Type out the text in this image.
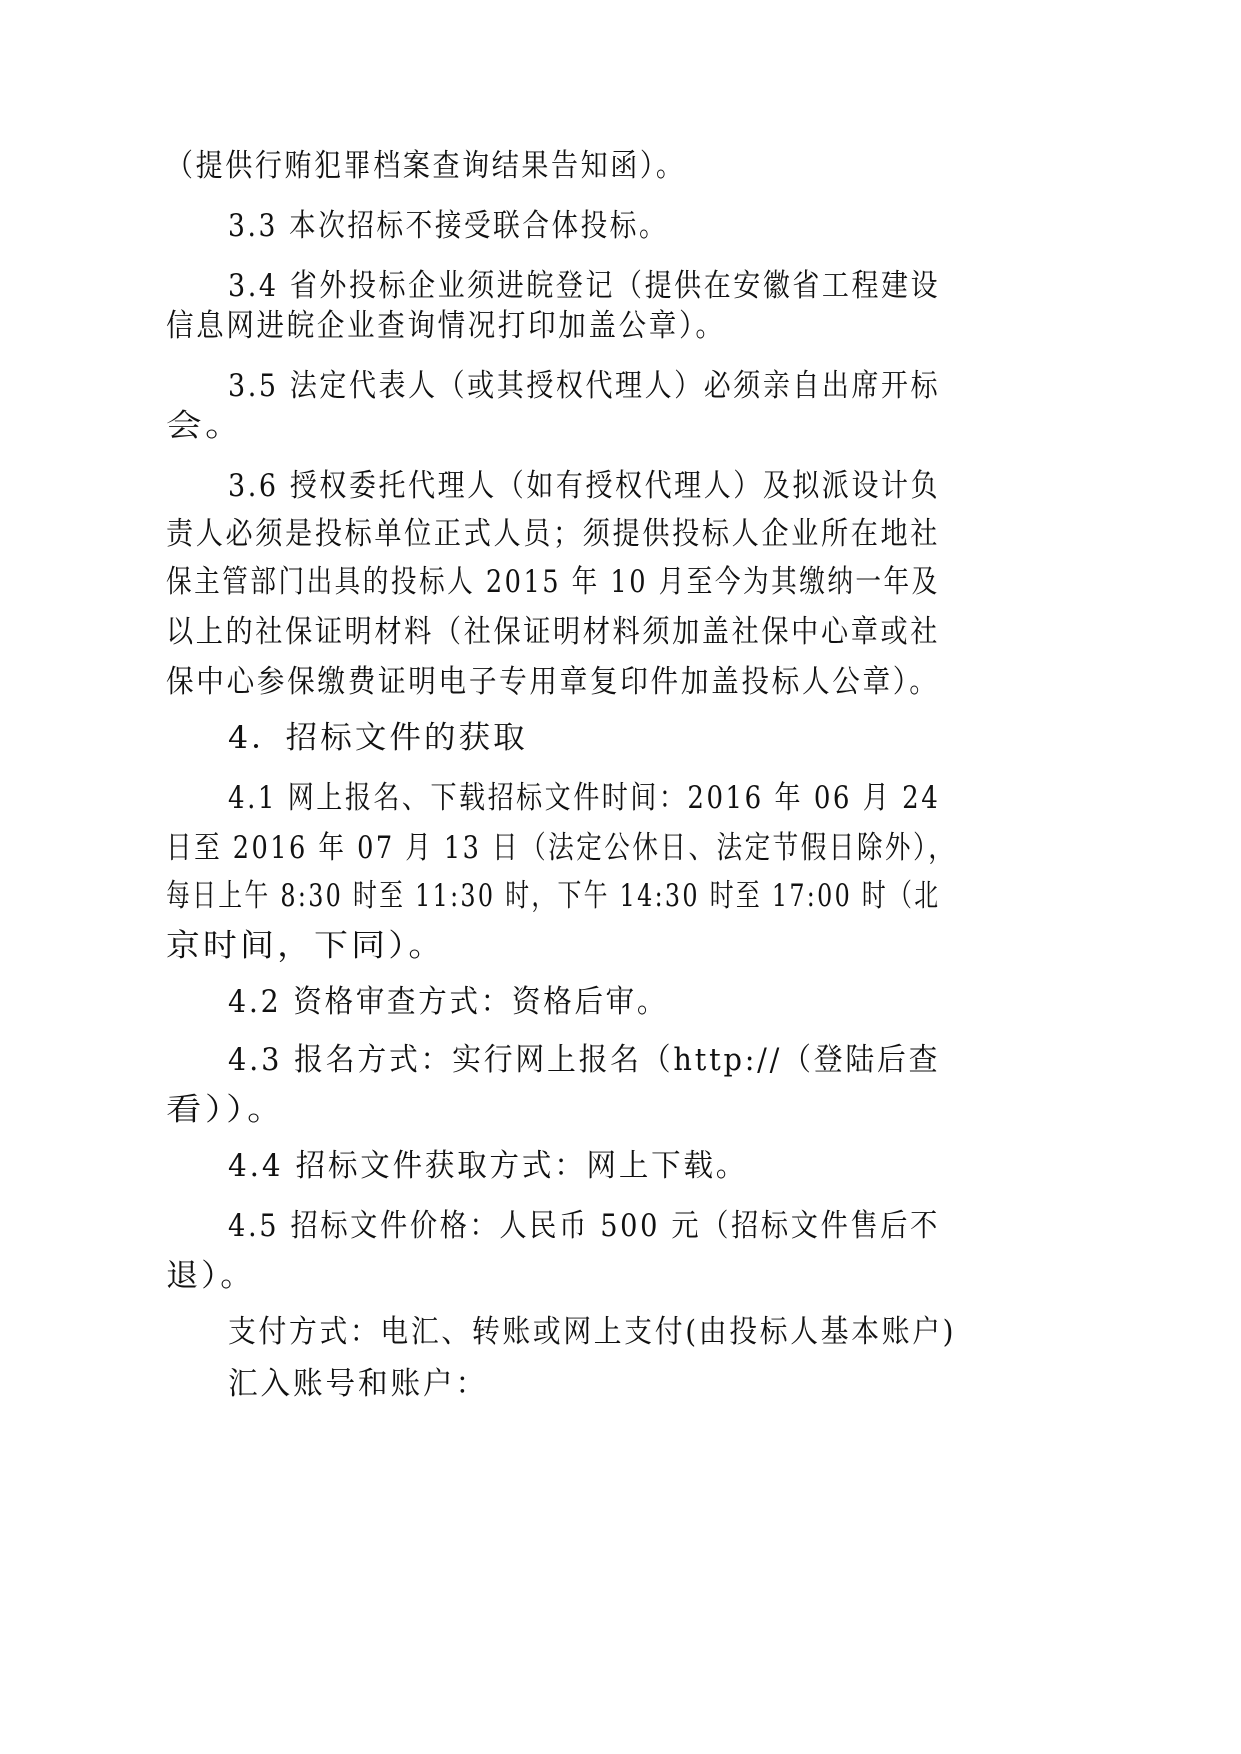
（提供行贿犯罪档案查询结果告知函）。
3.3 本次招标不接受联合体投标。
3.4 省外投标企业须进皖登记（提供在安徽省工程建设
信息网进皖企业查询情况打印加盖公章）。
3.5 法定代表人（或其授权代理人）必须亲自出席开标
会。
3.6 授权委托代理人（如有授权代理人）及拟派设计负
责人必须是投标单位正式人员；须提供投标人企业所在地社
保主管部门出具的投标人 2015 年 10 月至今为其缴纳一年及
以上的社保证明材料（社保证明材料须加盖社保中心章或社
保中心参保缴费证明电子专用章复印件加盖投标人公章）。
4．招标文件的获取
4.1 网上报名、下载招标文件时间：2016 年 06 月 24
日至 2016 年 07 月 13 日（法定公休日、法定节假日除外），
每日上午 8:30 时至 11:30 时，下午 14:30 时至 17:00 时（北
京时间，下同）。
4.2 资格审查方式：资格后审。
4.3 报名方式：实行网上报名（http://（登陆后查
看））。
4.4 招标文件获取方式：网上下载。
4.5 招标文件价格：人民币 500 元（招标文件售后不
退）。
支付方式：电汇、转账或网上支付(由投标人基本账户)
汇入账号和账户：
